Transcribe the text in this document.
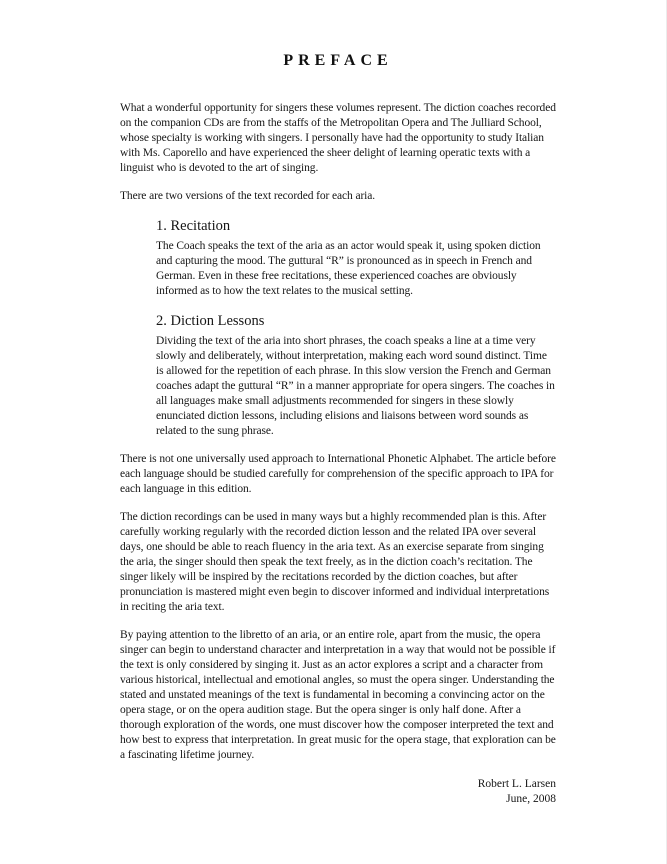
PREFACE

What a wonderful opportunity for singers these volumes represent. The diction coaches recorded on the companion CDs are from the staffs of the Metropolitan Opera and The Julliard School, whose specialty is working with singers. I personally have had the opportunity to study Italian with Ms. Caporello and have experienced the sheer delight of learning operatic texts with a linguist who is devoted to the art of singing.

There are two versions of the text recorded for each aria.

1. Recitation

The Coach speaks the text of the aria as an actor would speak it, using spoken diction and capturing the mood. The guttural “R” is pronounced as in speech in French and German. Even in these free recitations, these experienced coaches are obviously informed as to how the text relates to the musical setting.

2. Diction Lessons

Dividing the text of the aria into short phrases, the coach speaks a line at a time very slowly and deliberately, without interpretation, making each word sound distinct. Time is allowed for the repetition of each phrase. In this slow version the French and German coaches adapt the guttural “R” in a manner appropriate for opera singers. The coaches in all languages make small adjustments recommended for singers in these slowly enunciated diction lessons, including elisions and liaisons between word sounds as related to the sung phrase.

There is not one universally used approach to International Phonetic Alphabet. The article before each language should be studied carefully for comprehension of the specific approach to IPA for each language in this edition.

The diction recordings can be used in many ways but a highly recommended plan is this. After carefully working regularly with the recorded diction lesson and the related IPA over several days, one should be able to reach fluency in the aria text. As an exercise separate from singing the aria, the singer should then speak the text freely, as in the diction coach’s recitation. The singer likely will be inspired by the recitations recorded by the diction coaches, but after pronunciation is mastered might even begin to discover informed and individual interpretations in reciting the aria text.

By paying attention to the libretto of an aria, or an entire role, apart from the music, the opera singer can begin to understand character and interpretation in a way that would not be possible if the text is only considered by singing it. Just as an actor explores a script and a character from various historical, intellectual and emotional angles, so must the opera singer. Understanding the stated and unstated meanings of the text is fundamental in becoming a convincing actor on the opera stage, or on the opera audition stage. But the opera singer is only half done. After a thorough exploration of the words, one must discover how the composer interpreted the text and how best to express that interpretation. In great music for the opera stage, that exploration can be a fascinating lifetime journey.

Robert L. Larsen

June, 2008
